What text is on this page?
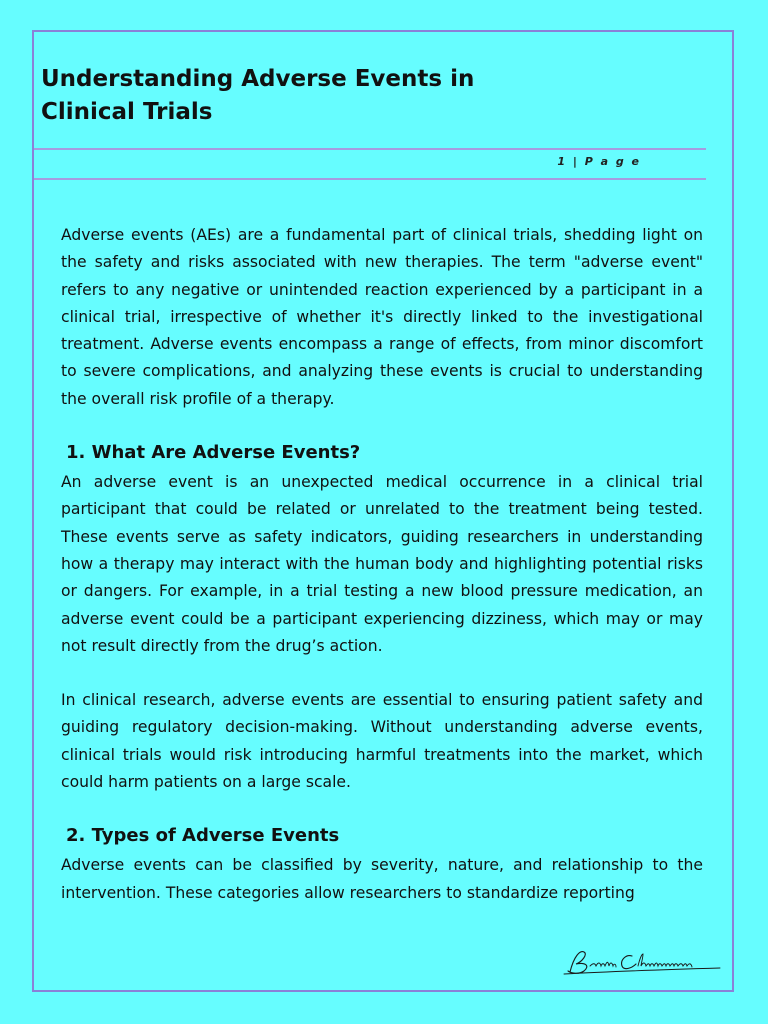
Understanding Adverse Events in
Clinical Trials
1 | P a g e

Adverse events (AEs) are a fundamental part of clinical trials, shedding light on the safety and risks associated with new therapies. The term "adverse event" refers to any negative or unintended reaction experienced by a participant in a clinical trial, irrespective of whether it's directly linked to the investigational treatment. Adverse events encompass a range of effects, from minor discomfort to severe complications, and analyzing these events is crucial to understanding the overall risk profile of a therapy.

1. What Are Adverse Events?

An adverse event is an unexpected medical occurrence in a clinical trial participant that could be related or unrelated to the treatment being tested. These events serve as safety indicators, guiding researchers in understanding how a therapy may interact with the human body and highlighting potential risks or dangers. For example, in a trial testing a new blood pressure medication, an adverse event could be a participant experiencing dizziness, which may or may not result directly from the drug’s action.

In clinical research, adverse events are essential to ensuring patient safety and guiding regulatory decision-making. Without understanding adverse events, clinical trials would risk introducing harmful treatments into the market, which could harm patients on a large scale.

2. Types of Adverse Events

Adverse events can be classified by severity, nature, and relationship to the intervention. These categories allow researchers to standardize reporting
